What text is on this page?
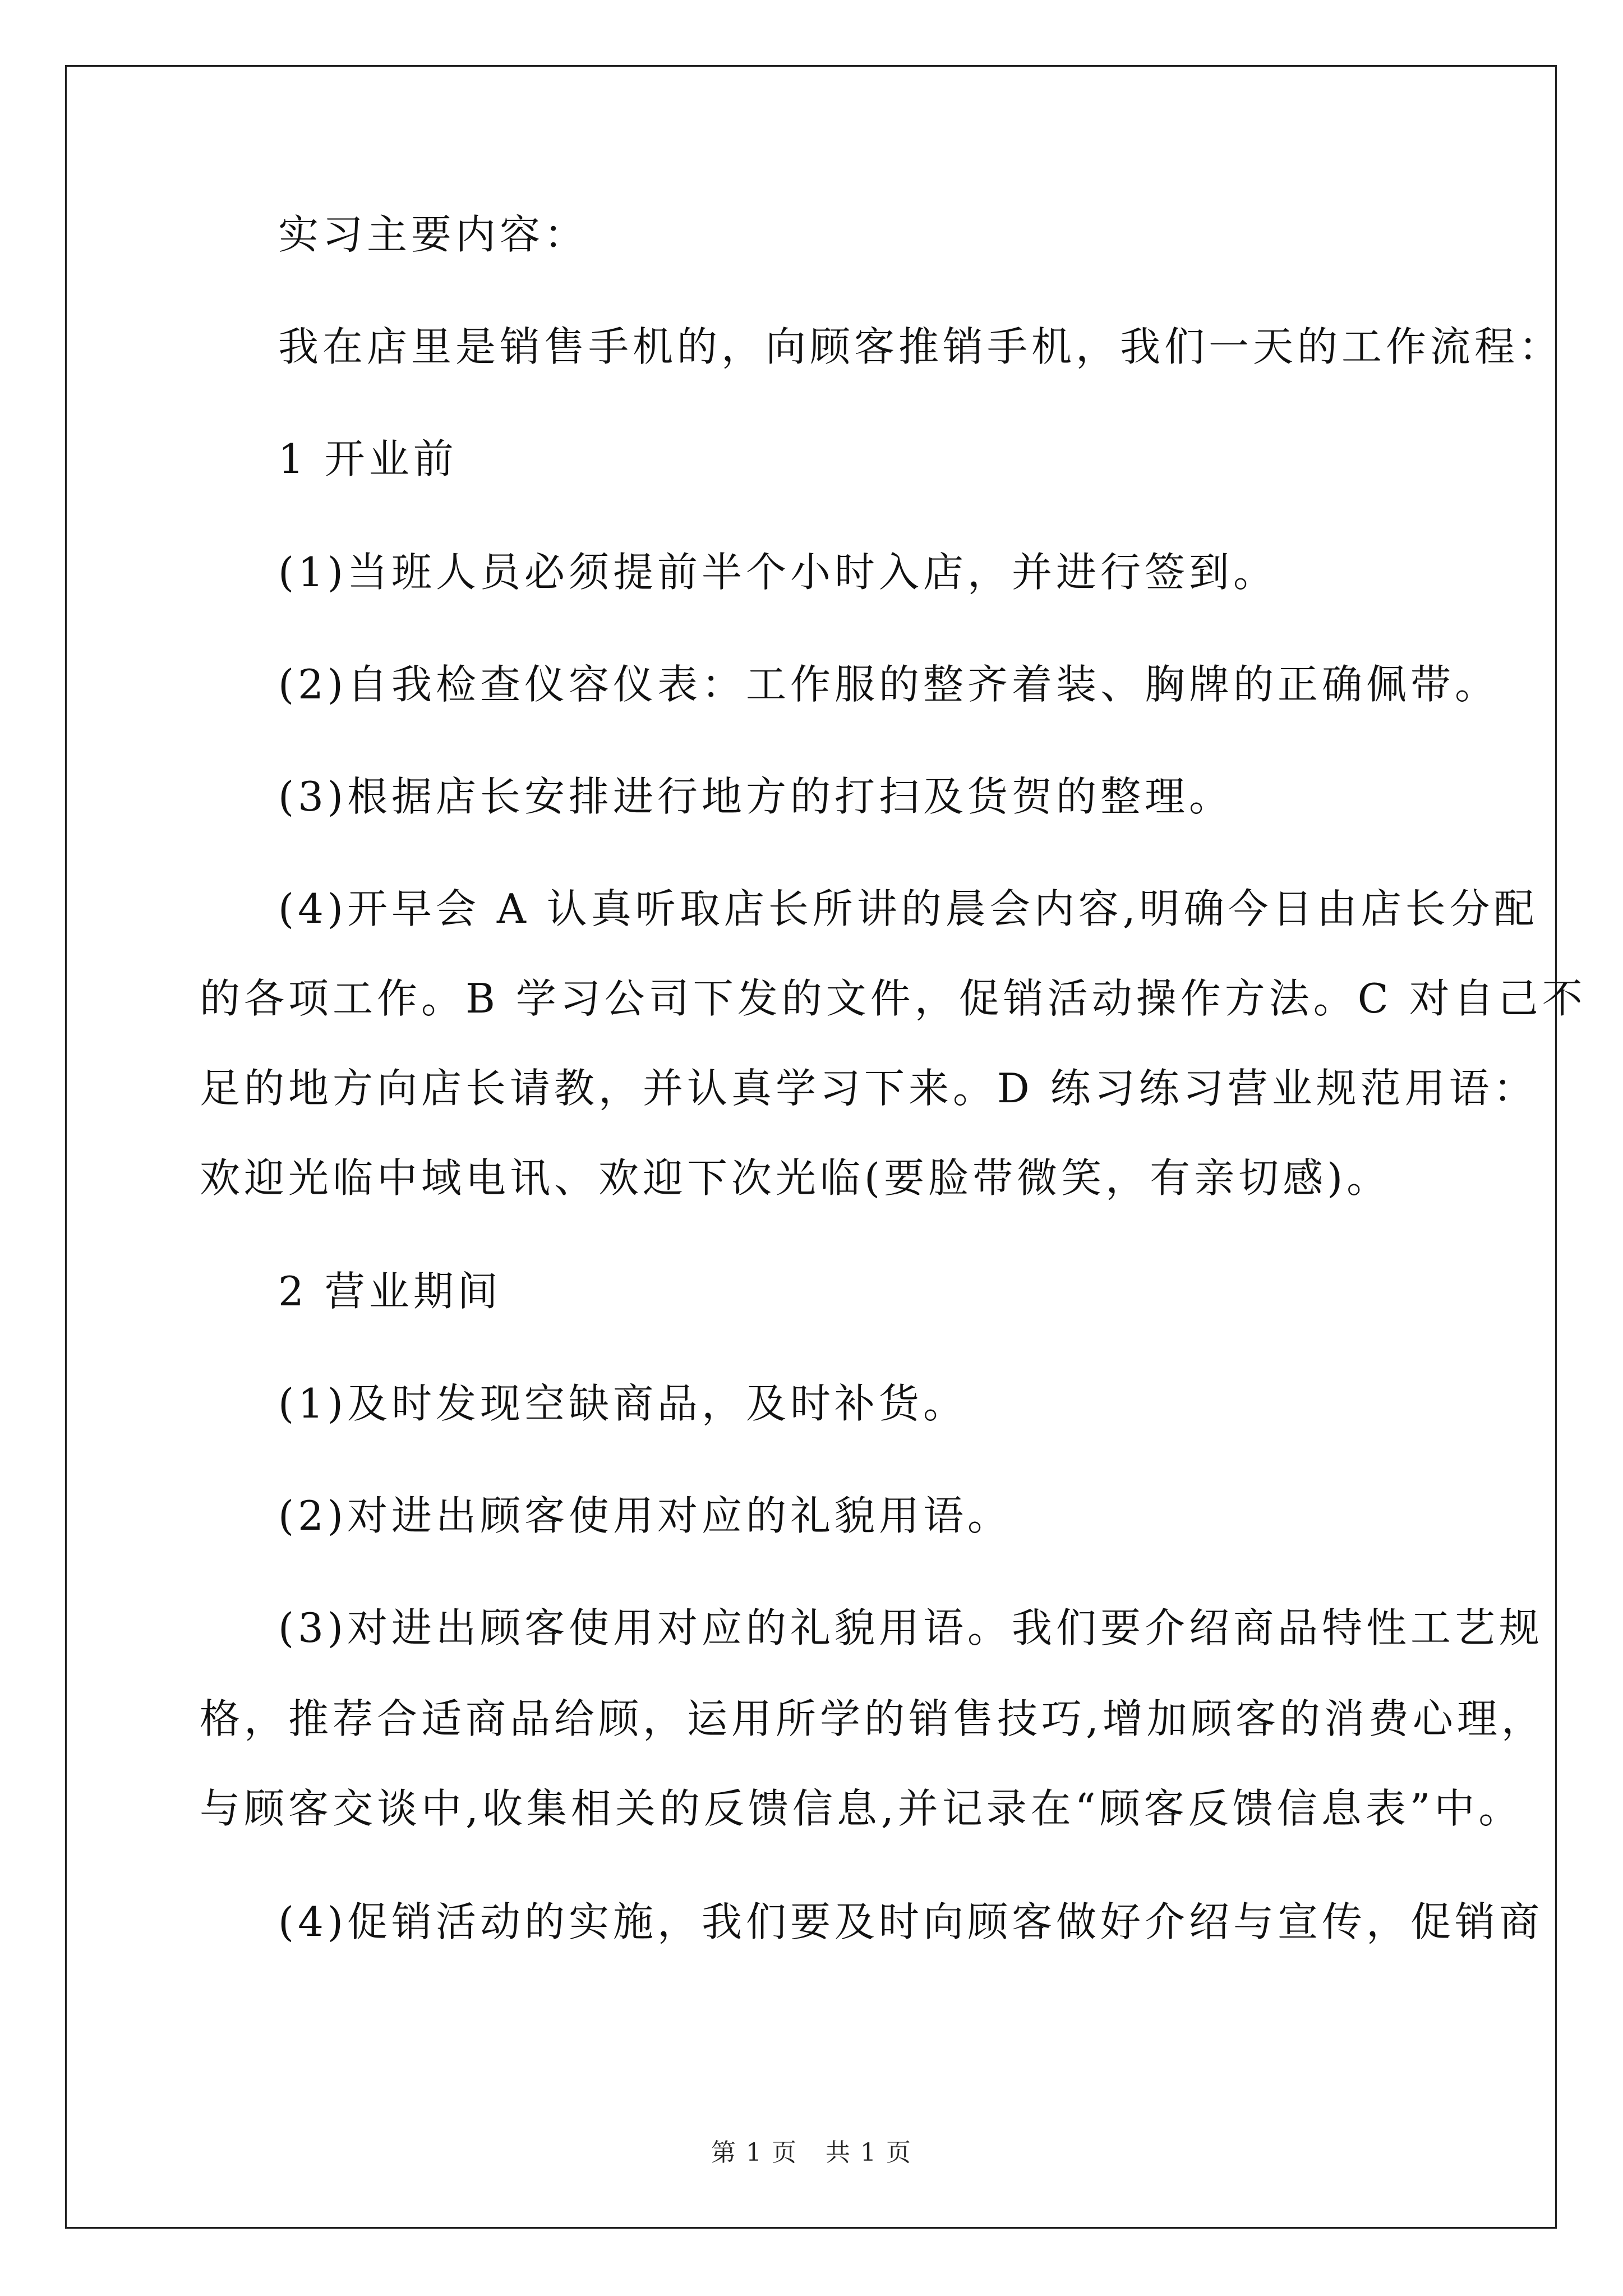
实习主要内容：
我在店里是销售手机的，向顾客推销手机，我们一天的工作流程：
1 开业前
(1)当班人员必须提前半个小时入店，并进行签到。
(2)自我检查仪容仪表：工作服的整齐着装、胸牌的正确佩带。
(3)根据店长安排进行地方的打扫及货贺的整理。
(4)开早会 A 认真听取店长所讲的晨会内容,明确今日由店长分配
的各项工作。B 学习公司下发的文件，促销活动操作方法。C 对自己不
足的地方向店长请教，并认真学习下来。D 练习练习营业规范用语：
欢迎光临中域电讯、欢迎下次光临(要脸带微笑，有亲切感)。
2 营业期间
(1)及时发现空缺商品，及时补货。
(2)对进出顾客使用对应的礼貌用语。
(3)对进出顾客使用对应的礼貌用语。我们要介绍商品特性工艺规
格，推荐合适商品给顾，运用所学的销售技巧,增加顾客的消费心理，
与顾客交谈中,收集相关的反馈信息,并记录在“顾客反馈信息表”中。
(4)促销活动的实施，我们要及时向顾客做好介绍与宣传，促销商
第 1 页 共 1 页
